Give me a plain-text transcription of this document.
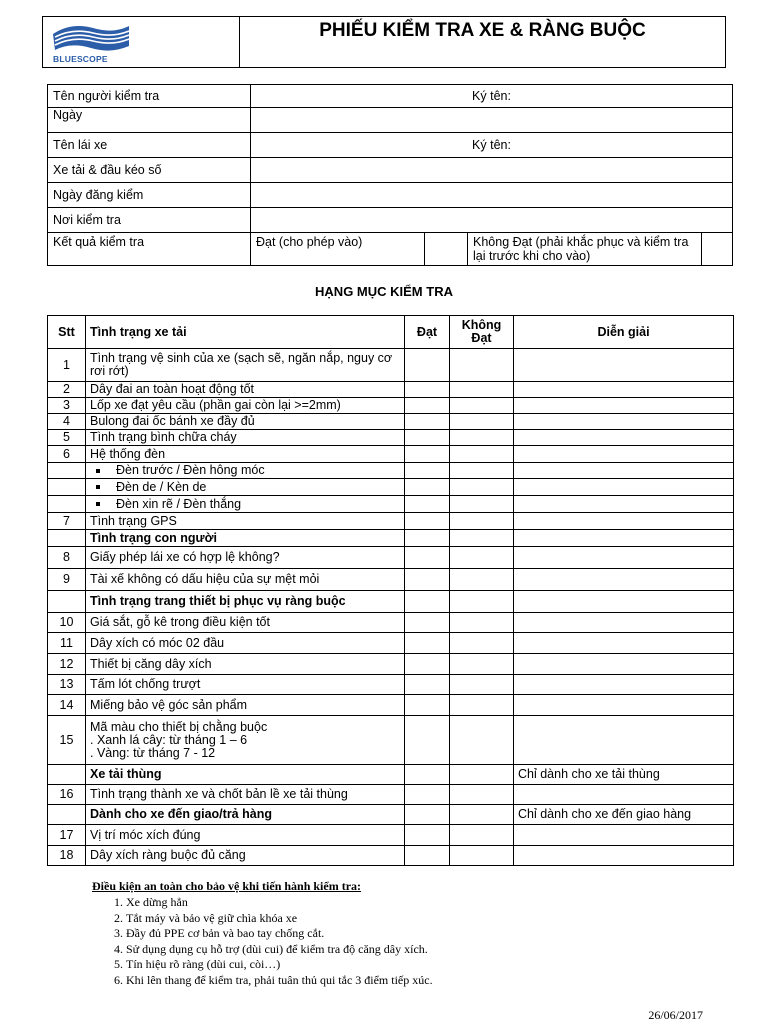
BLUESCOPE
	PHIẾU KIỂM TRA XE & RÀNG BUỘC
Tên người kiểm tra	Ký tên:			
Ngày				
Tên lái xe	Ký tên:			
Xe tải & đầu kéo số				
Ngày đăng kiểm				
Nơi kiểm tra				
Kết quả kiểm tra	Đạt (cho phép vào)		Không Đạt (phải khắc phục và kiểm tra lại trước khi cho vào)	
HẠNG MỤC KIỂM TRA
Stt	Tình trạng xe tải	Đạt	Không Đạt	Diễn giải
1	Tình trạng vệ sinh của xe (sạch sẽ, ngăn nắp, nguy cơ rơi rớt)			
2	Dây đai an toàn hoạt động tốt			
3	Lốp xe đạt yêu cầu (phần gai còn lại >=2mm)			
4	Bulong đai ốc bánh xe đầy đủ			
5	Tình trạng bình chữa cháy			
6	Hệ thống đèn			
	Đèn trước / Đèn hông móc			
	Đèn de / Kèn de			
	Đèn xin rẽ / Đèn thắng			
7	Tình trạng GPS			
	Tình trạng con người			
8	Giấy phép lái xe có hợp lệ không?			
9	Tài xế không có dấu hiệu của sự mệt mỏi			
	Tình trạng trang thiết bị phục vụ ràng buộc			
10	Giá sắt, gỗ kê trong điều kiện tốt			
11	Dây xích có móc 02 đầu			
12	Thiết bị căng dây xích			
13	Tấm lót chống trượt			
14	Miếng bảo vệ góc sản phẩm			
15	Mã màu cho thiết bị chằng buộc
. Xanh lá cây: từ tháng 1 – 6
. Vàng: từ tháng 7 - 12			
	Xe tải thùng			Chỉ dành cho xe tải thùng
16	Tình trạng thành xe và chốt bản lề xe tải thùng			
	Dành cho xe đến giao/trả hàng			Chỉ dành cho xe đến giao hàng
17	Vị trí móc xích đúng			
18	Dây xích ràng buộc đủ căng			
Điều kiện an toàn cho bảo vệ khi tiến hành kiểm tra:
1. Xe dừng hẳn
2. Tắt máy và bảo vệ giữ chìa khóa xe
3. Đầy đủ PPE cơ bản và bao tay chống cắt.
4. Sử dụng dụng cụ hỗ trợ (dùi cui) để kiểm tra độ căng dây xích.
5. Tín hiệu rõ ràng (dùi cui, còi…)
6. Khi lên thang để kiểm tra, phải tuân thủ qui tắc 3 điểm tiếp xúc.
26/06/2017
